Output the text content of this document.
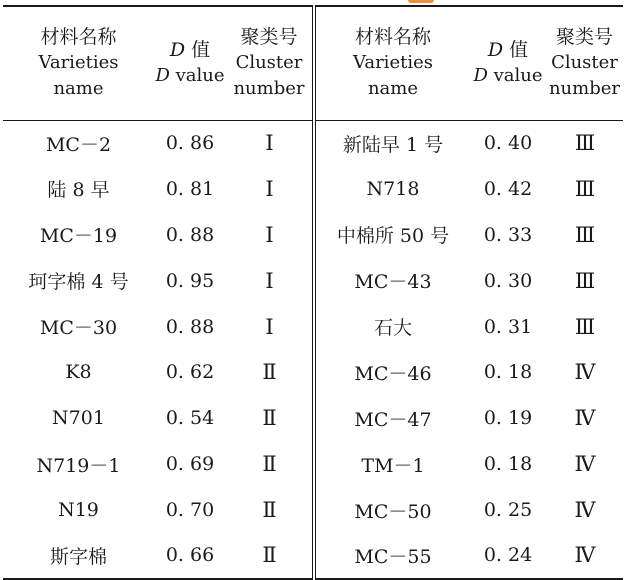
材料名称
Varieties
name	D 值
D value	聚类号
Cluster
number	材料名称
Varieties
name	D 值
D value	聚类号
Cluster
number

MC－2	0. 86	Ⅰ	新陆早 1 号	0. 40	Ⅲ
陆 8 早	0. 81	Ⅰ	N718	0. 42	Ⅲ
MC－19	0. 88	Ⅰ	中棉所 50 号	0. 33	Ⅲ
珂字棉 4 号	0. 95	Ⅰ	MC－43	0. 30	Ⅲ
MC－30	0. 88	Ⅰ	石大	0. 31	Ⅲ
K8	0. 62	Ⅱ	MC－46	0. 18	Ⅳ
N701	0. 54	Ⅱ	MC－47	0. 19	Ⅳ
N719－1	0. 69	Ⅱ	TM－1	0. 18	Ⅳ
N19	0. 70	Ⅱ	MC－50	0. 25	Ⅳ
斯字棉	0. 66	Ⅱ	MC－55	0. 24	Ⅳ
